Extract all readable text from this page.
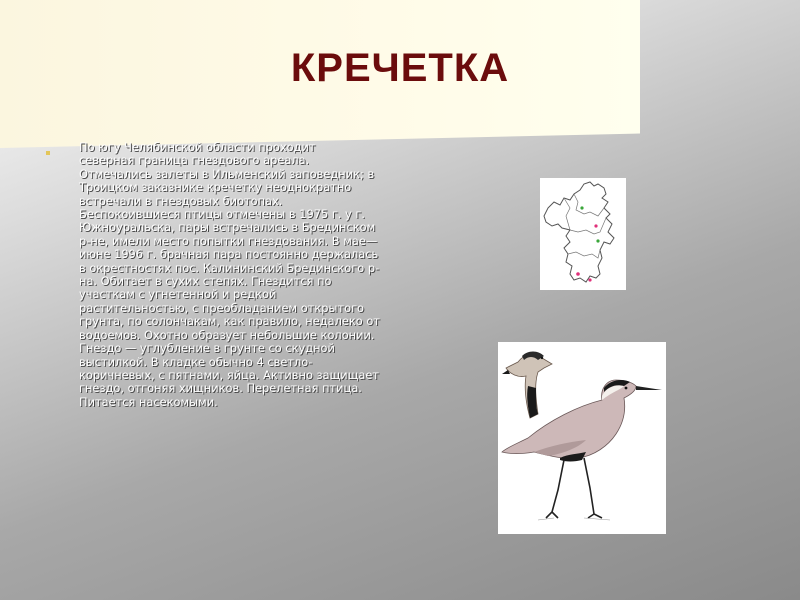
КРЕЧЕТКА

По югу Челябинской области проходит
северная граница гнездового ареала.
Отмечались залеты в Ильменский заповедник; в
Троицком заказнике кречетку неоднократно
встречали в гнездовых биотопах.
Беспокоившиеся птицы отмечены в 1975 г. у г.
Южноуральска, пары встречались в Брединском
р-не, имели место попытки гнездования. В мае—
июне 1996 г. брачная пара постоянно держалась
в окрестностях пос. Калининский Брединского р-
на. Обитает в сухих степях. Гнездится по
участкам с угнетенной и редкой
растительностью, с преобладанием открытого
грунта, по солончакам, как правило, недалеко от
водоемов. Охотно образует небольшие колонии.
Гнездо — углубление в грунте со скудной
выстилкой. В кладке обычно 4 светло-
коричневых, с пятнами, яйца. Активно защищает
гнездо, отгоняя хищников. Перелетная птица.
Питается насекомыми.
